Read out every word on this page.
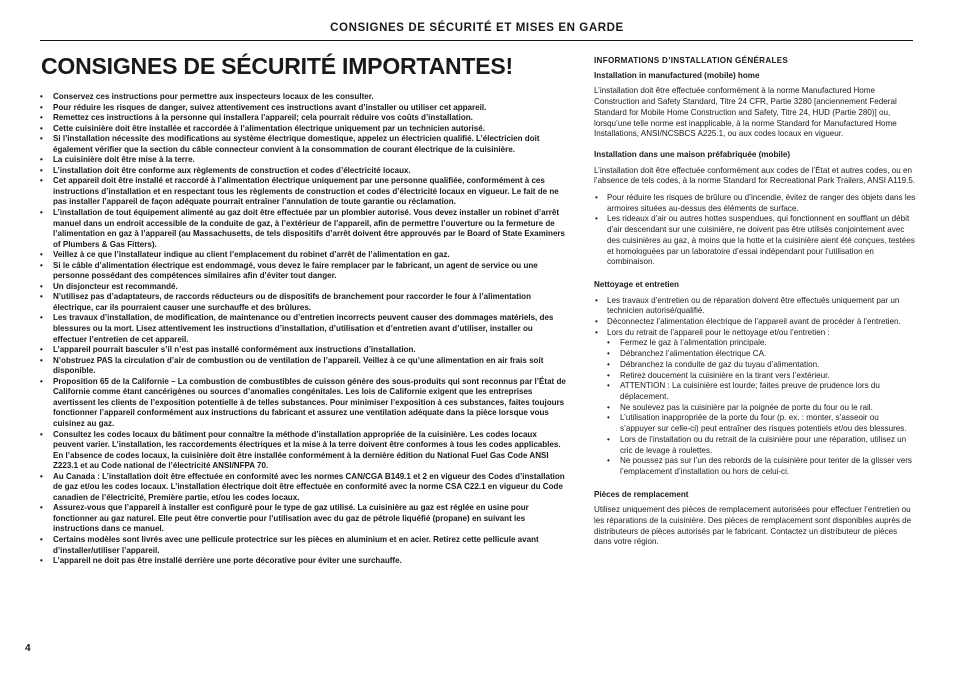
CONSIGNES DE SÉCURITÉ ET MISES EN GARDE
CONSIGNES DE SÉCURITÉ IMPORTANTES!
• Conservez ces instructions pour permettre aux inspecteurs locaux de les consulter.
• Pour réduire les risques de danger, suivez attentivement ces instructions avant d’installer ou utiliser cet appareil.
• Remettez ces instructions à la personne qui installera l’appareil; cela pourrait réduire vos coûts d’installation.
• Cette cuisinière doit être installée et raccordée à l’alimentation électrique uniquement par un technicien autorisé.
• Si l’installation nécessite des modifications au système électrique domestique, appelez un électricien qualifié. L’électricien doit également vérifier que la section du câble connecteur convient à la consommation de courant électrique de la cuisinière.
• La cuisinière doit être mise à la terre.
• L’installation doit être conforme aux règlements de construction et codes d’électricité locaux.
• Cet appareil doit être installé et raccordé à l’alimentation électrique uniquement par une personne qualifiée, conformément à ces instructions d’installation et en respectant tous les règlements de construction et codes d’électricité locaux en vigueur. Le fait de ne pas installer l’appareil de façon adéquate pourrait entraîner l’annulation de toute garantie ou réclamation.
• L’installation de tout équipement alimenté au gaz doit être effectuée par un plombier autorisé. Vous devez installer un robinet d’arrêt manuel dans un endroit accessible de la conduite de gaz, à l’extérieur de l’appareil, afin de permettre l’ouverture ou la fermeture de l’alimentation en gaz à l’appareil (au Massachusetts, de tels dispositifs d’arrêt doivent être approuvés par le Board of State Examiners of Plumbers & Gas Fitters).
• Veillez à ce que l’installateur indique au client l’emplacement du robinet d’arrêt de l’alimentation en gaz.
• Si le câble d’alimentation électrique est endommagé, vous devez le faire remplacer par le fabricant, un agent de service ou une personne possédant des compétences similaires afin d’éviter tout danger.
• Un disjoncteur est recommandé.
• N’utilisez pas d’adaptateurs, de raccords réducteurs ou de dispositifs de branchement pour raccorder le four à l’alimentation électrique, car ils pourraient causer une surchauffe et des brûlures.
• Les travaux d’installation, de modification, de maintenance ou d’entretien incorrects peuvent causer des dommages matériels, des blessures ou la mort. Lisez attentivement les instructions d’installation, d’utilisation et d’entretien avant d’utiliser, installer ou effectuer l’entretien de cet appareil.
• L’appareil pourrait basculer s’il n’est pas installé conformément aux instructions d’installation.
• N’obstruez PAS la circulation d’air de combustion ou de ventilation de l’appareil. Veillez à ce qu’une alimentation en air frais soit disponible.
• Proposition 65 de la Californie – La combustion de combustibles de cuisson génère des sous-produits qui sont reconnus par l’État de Californie comme étant cancérigènes ou sources d’anomalies congénitales. Les lois de Californie exigent que les entreprises avertissent les clients de l’exposition potentielle à de telles substances. Pour minimiser l’exposition à ces substances, faites toujours fonctionner l’appareil conformément aux instructions du fabricant et assurez une ventilation adéquate dans la pièce lorsque vous cuisinez au gaz.
• Consultez les codes locaux du bâtiment pour connaître la méthode d’installation appropriée de la cuisinière. Les codes locaux peuvent varier. L’installation, les raccordements électriques et la mise à la terre doivent être conformes à tous les codes applicables. En l’absence de codes locaux, la cuisinière doit être installée conformément à la dernière édition du National Fuel Gas Code ANSI Z223.1 et au Code national de l’électricité ANSI/NFPA 70.
• Au Canada : L’installation doit être effectuée en conformité avec les normes CAN/CGA B149.1 et 2 en vigueur des Codes d’installation de gaz et/ou les codes locaux. L’installation électrique doit être effectuée en conformité avec la norme CSA C22.1 en vigueur du Code canadien de l’électricité, Première partie, et/ou les codes locaux.
• Assurez-vous que l’appareil à installer est configuré pour le type de gaz utilisé. La cuisinière au gaz est réglée en usine pour fonctionner au gaz naturel. Elle peut être convertie pour l’utilisation avec du gaz de pétrole liquéfié (propane) en suivant les instructions dans ce manuel.
• Certains modèles sont livrés avec une pellicule protectrice sur les pièces en aluminium et en acier. Retirez cette pellicule avant d’installer/utiliser l’appareil.
• L’appareil ne doit pas être installé derrière une porte décorative pour éviter une surchauffe.
INFORMATIONS D’INSTALLATION GÉNÉRALES
Installation in manufactured (mobile) home

L’installation doit être effectuée conformément à la norme Manufactured Home Construction and Safety Standard, Titre 24 CFR, Partie 3280 [anciennement Federal Standard for Mobile Home Construction and Safety, Titre 24, HUD (Partie 280)] ou, lorsqu’une telle norme est inapplicable, à la norme Standard for Manufactured Home Installations, ANSI/NCSBCS A225.1, ou aux codes locaux en vigueur.

Installation dans une maison préfabriquée (mobile)

L’installation doit être effectuée conformément aux codes de l’État et autres codes, ou en l’absence de tels codes, à la norme Standard for Recreational Park Trailers, ANSI A119.5.

• Pour réduire les risques de brûlure ou d’incendie, évitez de ranger des objets dans les armoires situées au-dessus des éléments de surface.
• Les rideaux d’air ou autres hottes suspendues, qui fonctionnent en soufflant un débit d’air descendant sur une cuisinière, ne doivent pas être utilisés conjointement avec des cuisinières au gaz, à moins que la hotte et la cuisinière aient été conçues, testées et homologuées par un laboratoire d’essai indépendant pour l’utilisation en combinaison.
Nettoyage et entretien
• Les travaux d’entretien ou de réparation doivent être effectués uniquement par un technicien autorisé/qualifié.
• Déconnectez l’alimentation électrique de l’appareil avant de procéder à l’entretien.
• Lors du retrait de l’appareil pour le nettoyage et/ou l’entretien :
• Fermez le gaz à l’alimentation principale.
• Débranchez l’alimentation électrique CA.
• Débranchez la conduite de gaz du tuyau d’alimentation.
• Retirez doucement la cuisinière en la tirant vers l’extérieur.
• ATTENTION : La cuisinière est lourde; faites preuve de prudence lors du déplacement.
• Ne soulevez pas la cuisinière par la poignée de porte du four ou le rail.
• L’utilisation inappropriée de la porte du four (p. ex. : monter, s’asseoir ou s’appuyer sur celle-ci) peut entraîner des risques potentiels et/ou des blessures.
• Lors de l’installation ou du retrait de la cuisinière pour une réparation, utilisez un cric de levage à roulettes.
• Ne poussez pas sur l’un des rebords de la cuisinière pour tenter de la glisser vers l’emplacement d’installation ou hors de celui-ci.
Pièces de remplacement

Utilisez uniquement des pièces de remplacement autorisées pour effectuer l’entretien ou les réparations de la cuisinière. Des pièces de remplacement sont disponibles auprès de distributeurs de pièces autorisés par le fabricant. Contactez un distributeur de pièces dans votre région.

4
